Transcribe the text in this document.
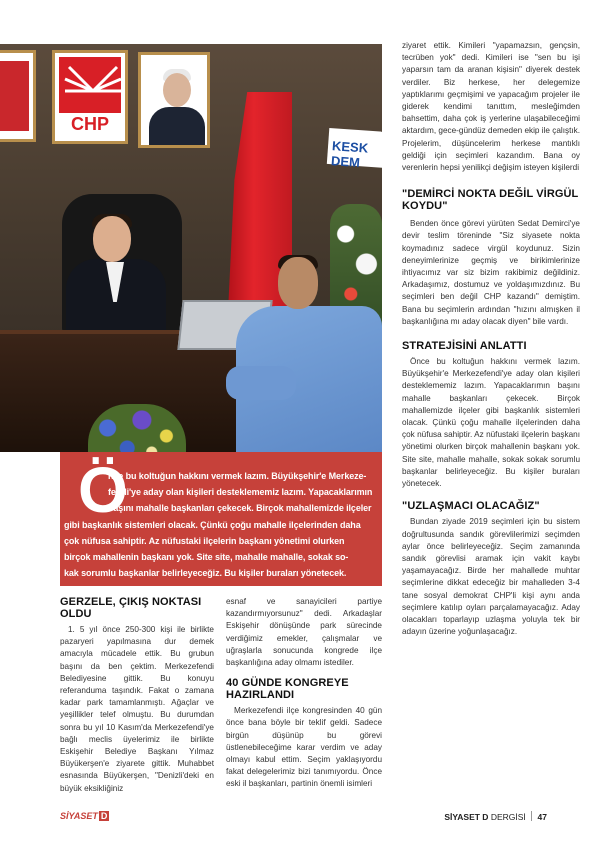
CHP
KESK DEM
Ö

nce bu koltuğun hakkını vermek lazım. Büyükşehir'e Merkeze-
fendi'ye aday olan kişileri desteklememiz lazım. Yapacaklarımın
başını mahalle başkanları çekecek. Birçok mahallemizde ilçeler
gibi başkanlık sistemleri olacak. Çünkü çoğu mahalle ilçelerinden daha
çok nüfusa sahiptir. Az nüfustaki ilçelerin başkanı yönetimi olurken
birçok mahallenin başkanı yok. Site site, mahalle mahalle, sokak so-
kak sorumlu başkanlar belirleyeceğiz. Bu kişiler buraları yönetecek.

ziyaret ettik. Kimileri "yapamazsın, gençsin, tecrüben yok" dedi. Kimileri ise "sen bu işi yaparsın tam da aranan kişisin" diyerek destek verdiler. Biz herkese, her delegemize yaptıklarımı geçmişimi ve yapacağım projeler ile giderek kendimi tanıttım, mesleğimden bahsettim, daha çok iş yerlerine ulaşabileceğimi aktardım, gece-gündüz demeden ekip ile çalıştık. Projelerim, düşüncelerim herkese mantıklı geldiği için seçimleri kazandım. Bana oy verenlerin hepsi yenilikçi değişim isteyen kişilerdi

"DEMİRCİ NOKTA DEĞİL VİRGÜL KOYDU"

Benden önce görevi yürüten Sedat Demirci'ye devir teslim töreninde "Siz siyasete nokta koymadınız sadece virgül koydunuz. Sizin deneyimlerinize geçmiş ve birikimlerinize ihtiyacımız var siz bizim rakibimiz değildiniz. Arkadaşımız, dostumuz ve yoldaşımızdınız. Bu seçimleri ben değil CHP kazandı" demiştim. Bana bu seçimlerin ardından "hızını almışken il başkanlığına mı aday olacak diyen" bile vardı.

STRATEJİSİNİ ANLATTI

Önce bu koltuğun hakkını vermek lazım. Büyükşehir'e Merkezefendi'ye aday olan kişileri desteklememiz lazım. Yapacaklarımın başını mahalle başkanları çekecek. Birçok mahallemizde ilçeler gibi başkanlık sistemleri olacak. Çünkü çoğu mahalle ilçelerinden daha çok nüfusa sahiptir. Az nüfustaki ilçelerin başkanı yönetimi olurken birçok mahallenin başkanı yok. Site site, mahalle mahalle, sokak sokak sorumlu başkanlar belirleyeceğiz. Bu kişiler buraları yönetecek.

"UZLAŞMACI OLACAĞIZ"

Bundan ziyade 2019 seçimleri için bu sistem doğrultusunda sandık görevlilerimizi seçimden aylar önce belirleyeceğiz. Seçim zamanında sandık görevlisi aramak için vakit kaybı yaşamayacağız. Birde her mahallede muhtar seçimlerine dikkat edeceğiz bir mahalleden 3-4 tane sosyal demokrat CHP'li kişi aynı anda seçimlere katılıp oyları parçalamayacağız. Aday olacakları toparlayıp uzlaşma yoluyla tek bir adayın üzerine yoğunlaşacağız.

GERZELE, ÇIKIŞ NOKTASI OLDU

1. 5 yıl önce 250-300 kişi ile birlikte pazaryeri yapılmasına dur demek amacıyla mücadele ettik. Bu grubun başını da ben çektim. Merkezefendi Belediyesine gittik. Bu konuyu referanduma taşındık. Fakat o zamana kadar park tamamlanmıştı. Ağaçlar ve yeşillikler telef olmuştu. Bu durumdan sonra bu yıl 10 Kasım'da Merkezefendi'ye bağlı meclis üyelerimiz ile birlikte Eskişehir Belediye Başkanı Yılmaz Büyükerşen'e ziyarete gittik. Muhabbet esnasında Büyükerşen, "Denizli'deki en büyük eksikliğiniz

esnaf ve sanayicileri partiye kazandırmıyorsunuz" dedi. Arkadaşlar Eskişehir dönüşünde park sürecinde verdiğimiz emekler, çalışmalar ve uğraşlarla sonucunda kongrede ilçe başkanlığına aday olmamı istediler.

40 GÜNDE KONGREYE HAZIRLANDI

Merkezefendi ilçe kongresinden 40 gün önce bana böyle bir teklif geldi. Sadece birgün düşünüp bu görevi üstlenebileceğime karar verdim ve aday olmayı kabul ettim. Seçim yaklaşıyordu fakat delegelerimiz bizi tanımıyordu. Önce eski il başkanları, partinin önemli isimleri

SİYASET D	SİYASET D DERGİSİ 47
